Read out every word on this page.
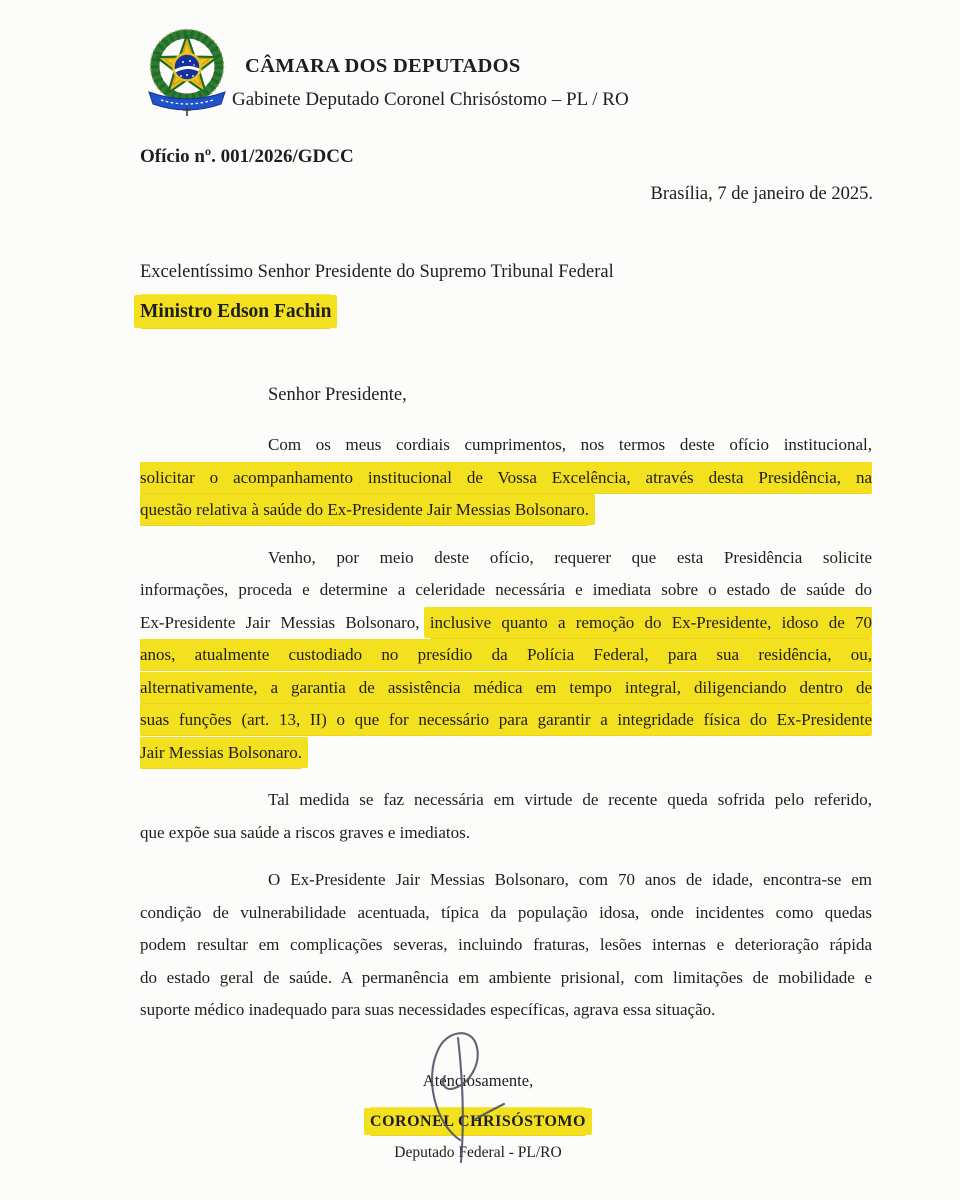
CÂMARA DOS DEPUTADOS
Gabinete Deputado Coronel Chrisóstomo – PL / RO
Ofício nº. 001/2026/GDCC
Brasília, 7 de janeiro de 2025.
Excelentíssimo Senhor Presidente do Supremo Tribunal Federal
Ministro Edson Fachin
Senhor Presidente,
Com os meus cordiais cumprimentos, nos termos deste ofício institucional,
solicitar o acompanhamento institucional de Vossa Excelência, através desta Presidência, na
questão relativa à saúde do Ex-Presidente Jair Messias Bolsonaro.
Venho, por meio deste ofício, requerer que esta Presidência solicite
informações, proceda e determine a celeridade necessária e imediata sobre o estado de saúde do
Ex-Presidente Jair Messias Bolsonaro, inclusive quanto a remoção do Ex-Presidente, idoso de 70
anos, atualmente custodiado no presídio da Polícia Federal, para sua residência, ou,
alternativamente, a garantia de assistência médica em tempo integral, diligenciando dentro de
suas funções (art. 13, II) o que for necessário para garantir a integridade física do Ex-Presidente
Jair Messias Bolsonaro.
Tal medida se faz necessária em virtude de recente queda sofrida pelo referido,
que expõe sua saúde a riscos graves e imediatos.
O Ex-Presidente Jair Messias Bolsonaro, com 70 anos de idade, encontra-se em
condição de vulnerabilidade acentuada, típica da população idosa, onde incidentes como quedas
podem resultar em complicações severas, incluindo fraturas, lesões internas e deterioração rápida
do estado geral de saúde. A permanência em ambiente prisional, com limitações de mobilidade e
suporte médico inadequado para suas necessidades específicas, agrava essa situação.
Atenciosamente,
CORONEL CHRISÓSTOMO
Deputado Federal - PL/RO
